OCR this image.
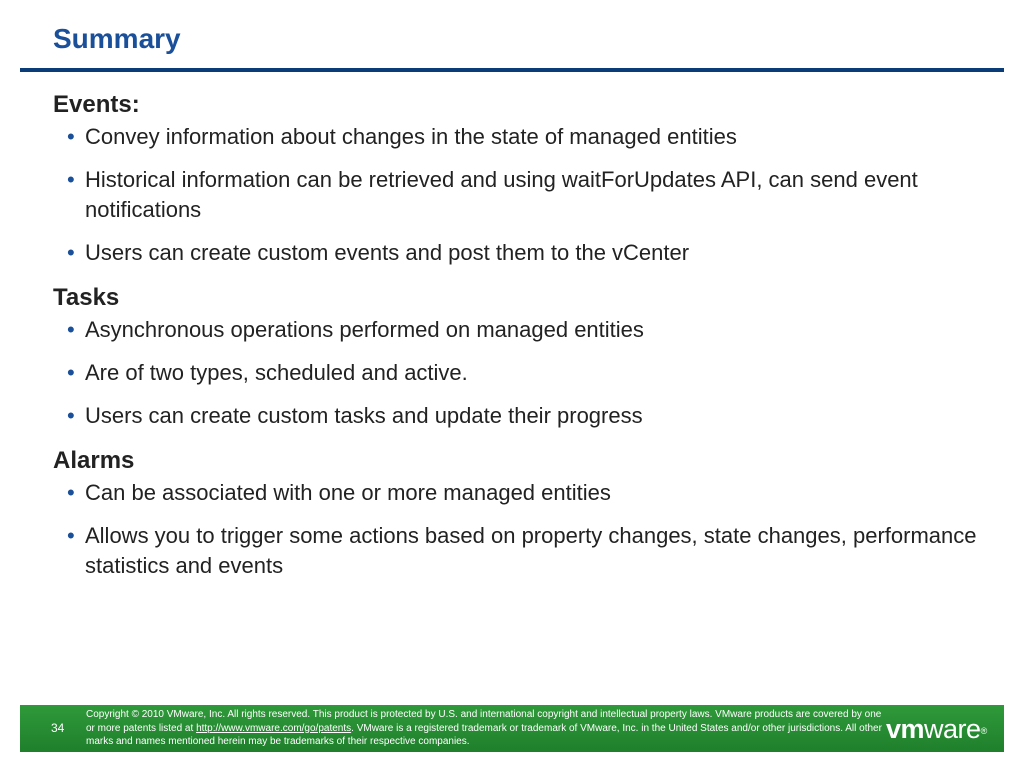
Summary
Events:
• Convey information about changes in the state of managed entities
• Historical information can be retrieved and using waitForUpdates API, can send event notifications
• Users can create custom events and post them to the vCenter
Tasks
• Asynchronous operations performed on managed entities
• Are of two types, scheduled and active.
• Users can create custom tasks and update their progress
Alarms
• Can be associated with one or more managed entities
• Allows you to trigger some actions based on property changes, state changes, performance statistics and events
34
Copyright © 2010 VMware, Inc. All rights reserved. This product is protected by U.S. and international copyright and intellectual property laws. VMware products are covered by one or more patents listed at http://www.vmware.com/go/patents. VMware is a registered trademark or trademark of VMware, Inc. in the United States and/or other jurisdictions. All other marks and names mentioned herein may be trademarks of their respective companies.	vmware®
